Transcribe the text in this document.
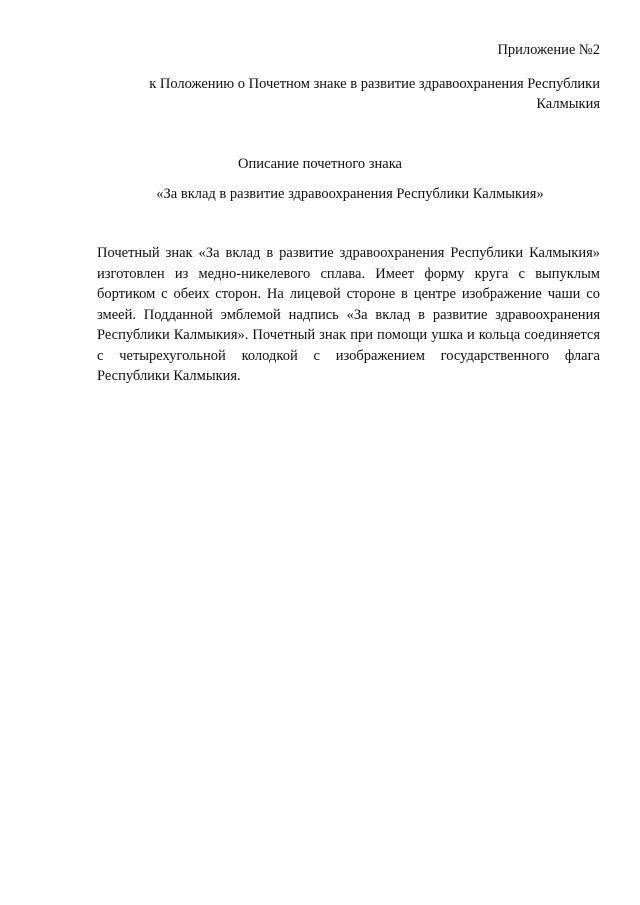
Приложение №2
к Положению о Почетном знаке в развитие здравоохранения Республики Калмыкия
Описание почетного знака
«За вклад в развитие здравоохранения Республики Калмыкия»

Почетный знак «За вклад в развитие здравоохранения Республики Калмыкия» изготовлен из медно-никелевого сплава. Имеет форму круга с выпуклым бортиком с обеих сторон. На лицевой стороне в центре изображение чаши со змеей. Подданной эмблемой надпись «За вклад в развитие здравоохранения Республики Калмыкия». Почетный знак при помощи ушка и кольца соединяется с четырехугольной колодкой с изображением государственного флага Республики Калмыкия.
